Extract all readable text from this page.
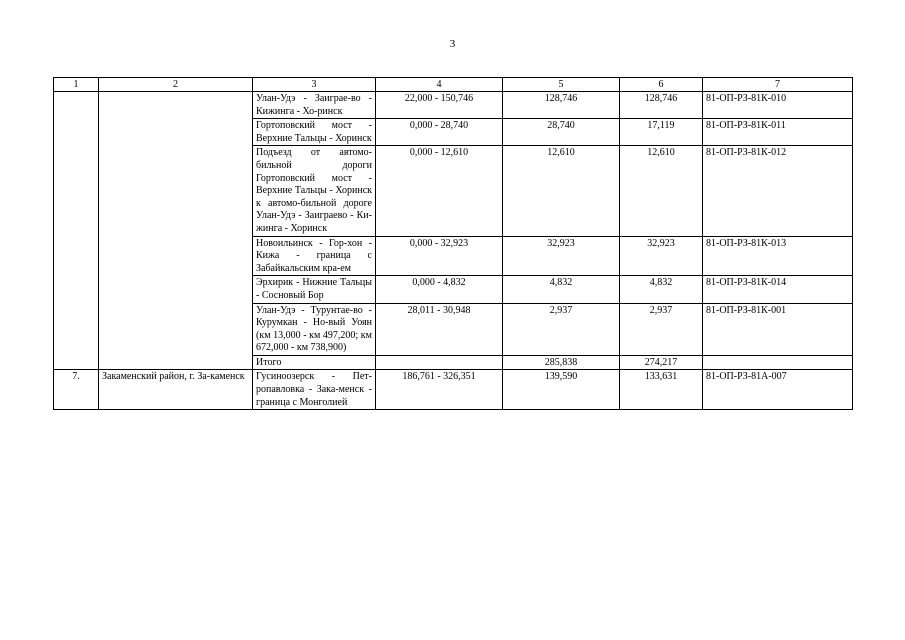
3
1	2	3	4	5	6	7
		Улан-Удэ - Заиграе-во - Кижинга - Хо-ринск	22,000 - 150,746	128,746	128,746	81-ОП-РЗ-81К-010
		Гортоповский мост - Верхние Тальцы - Хоринск	0,000 - 28,740	28,740	17,119	81-ОП-РЗ-81К-011
		Подъезд от автомо-бильной дороги Гортоповский мост - Верхние Тальцы - Хоринск к автомо-бильной дороге Улан-Удэ - Заиграево - Ки-жинга - Хоринск	0,000 - 12,610	12,610	12,610	81-ОП-РЗ-81К-012
		Новоильинск - Гор-хон - Кижа - граница с Забайкальским кра-ем	0,000 - 32,923	32,923	32,923	81-ОП-РЗ-81К-013
		Эрхирик - Нижние Тальцы - Сосновый Бор	0,000 - 4,832	4,832	4,832	81-ОП-РЗ-81К-014
		Улан-Удэ - Турунтае-во - Курумкан - Но-вый Уоян (км 13,000 - км 497,200; км 672,000 - км 738,900)	28,011 - 30,948	2,937	2,937	81-ОП-РЗ-81К-001
		Итого		285,838	274,217	
7.	Закаменский район, г. За-каменск	Гусиноозерск - Пет-ропавловка - Зака-менск - граница с Монголией	186,761 - 326,351	139,590	133,631	81-ОП-РЗ-81А-007
